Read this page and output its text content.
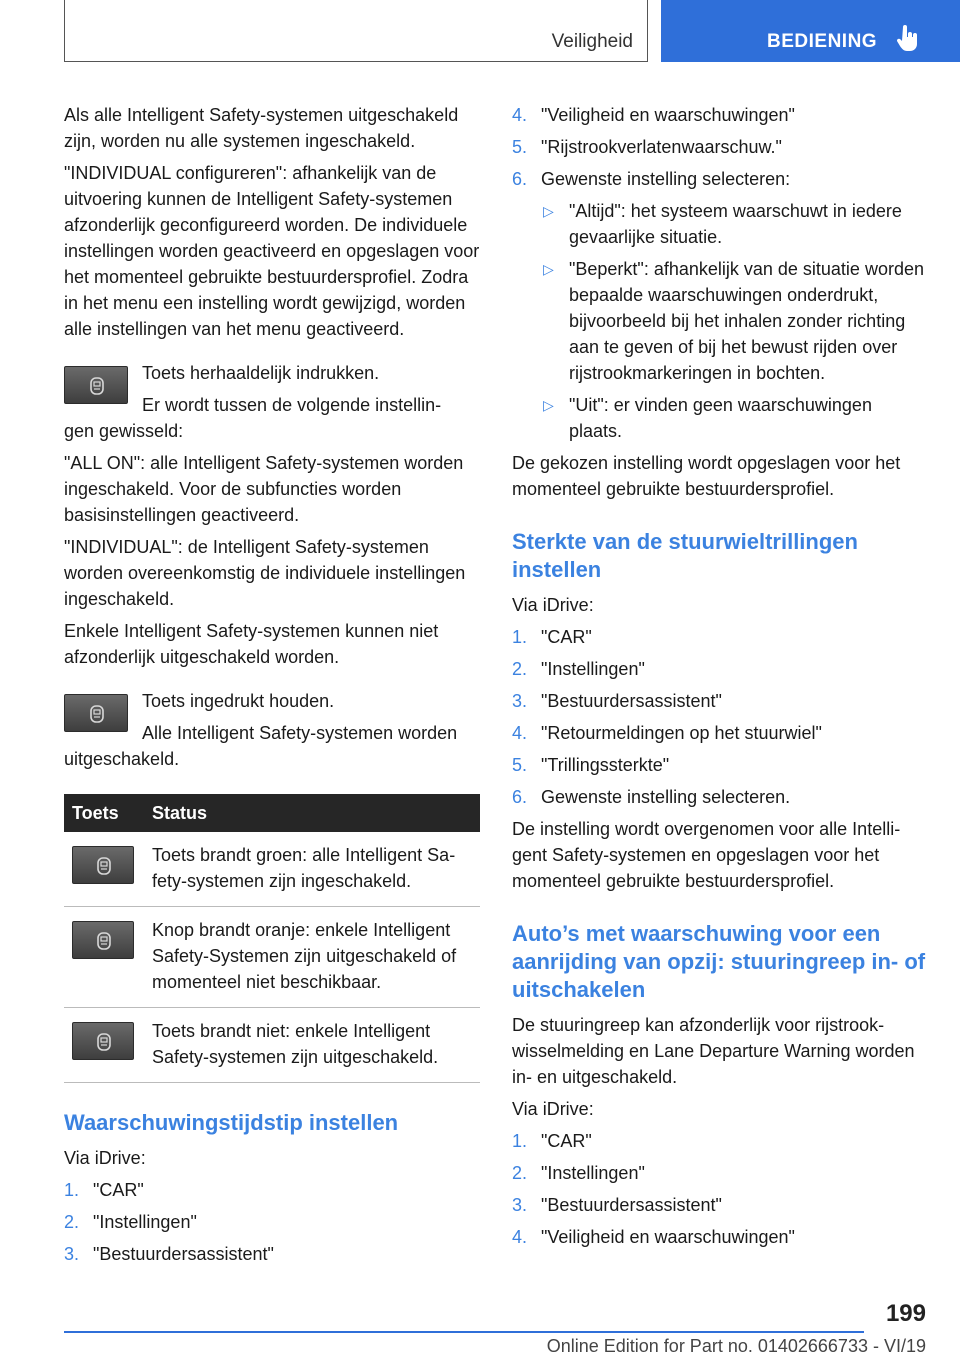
Veiligheid	BEDIENING

Als alle Intelligent Safety-systemen uitgeschakeld zijn, worden nu alle systemen ingeschakeld.

"INDIVIDUAL configureren": afhankelijk van de uitvoering kunnen de Intelligent Safety-systemen afzonderlijk geconfigureerd worden. De individuele instellingen worden geactiveerd en opgeslagen voor het momenteel gebruikte bestuurdersprofiel. Zodra in het menu een instelling wordt gewijzigd, worden alle instellingen van het menu geactiveerd.

Toets herhaaldelijk indrukken.

Er wordt tussen de volgende instellin-

gen gewisseld:

"ALL ON": alle Intelligent Safety-systemen worden ingeschakeld. Voor de subfuncties worden basisinstellingen geactiveerd.

"INDIVIDUAL": de Intelligent Safety-systemen worden overeenkomstig de individuele instellingen ingeschakeld.

Enkele Intelligent Safety-systemen kunnen niet afzonderlijk uitgeschakeld worden.

Toets ingedrukt houden.

Alle Intelligent Safety-systemen worden

uitgeschakeld.

Toets	Status

	Toets brandt groen: alle Intelligent Safety-systemen zijn ingeschakeld.

	Knop brandt oranje: enkele Intelligent Safety-Systemen zijn uitgeschakeld of momenteel niet beschikbaar.

	Toets brandt niet: enkele Intelligent Safety-systemen zijn uitgeschakeld.
Waarschuwingstijdstip instellen

Via iDrive:

1. "CAR"
2. "Instellingen"
3. "Bestuurdersassistent"
4. "Veiligheid en waarschuwingen"
5. "Rijstrookverlatenwaarschuw."
6. Gewenste instelling selecteren:
▷ "Altijd": het systeem waarschuwt in iedere gevaarlijke situatie.
▷ "Beperkt": afhankelijk van de situatie worden bepaalde waarschuwingen onderdrukt, bijvoorbeeld bij het inhalen zonder richting aan te geven of bij het bewust rijden over rijstrookmarkeringen in bochten.
▷ "Uit": er vinden geen waarschuwingen plaats.

De gekozen instelling wordt opgeslagen voor het momenteel gebruikte bestuurdersprofiel.

Sterkte van de stuurwieltrillingen instellen

Via iDrive:

1. "CAR"
2. "Instellingen"
3. "Bestuurdersassistent"
4. "Retourmeldingen op het stuurwiel"
5. "Trillingssterkte"
6. Gewenste instelling selecteren.

De instelling wordt overgenomen voor alle Intelligent Safety-systemen en opgeslagen voor het momenteel gebruikte bestuurdersprofiel.

Auto’s met waarschuwing voor een aanrijding van opzij: stuuringreep in- of uitschakelen

De stuuringreep kan afzonderlijk voor rijstrookwisselmelding en Lane Departure Warning worden in- en uitgeschakeld.

Via iDrive:

1. "CAR"
2. "Instellingen"
3. "Bestuurdersassistent"
4. "Veiligheid en waarschuwingen"
199
Online Edition for Part no. 01402666733 - VI/19
